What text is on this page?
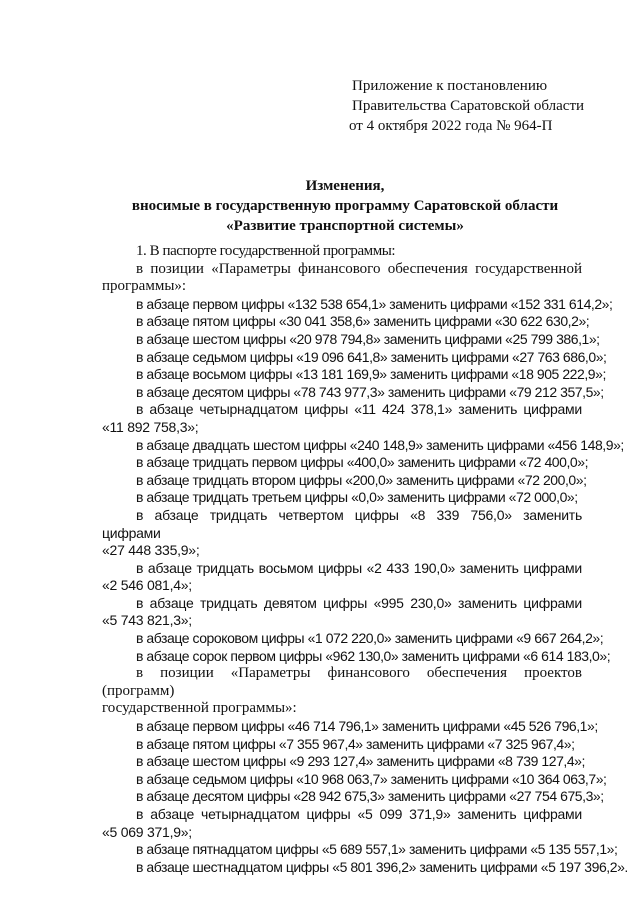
Приложение к постановлению
Правительства Саратовской области
от 4 октября 2022 года № 964-П
Изменения,
вносимые в государственную программу Саратовской области
«Развитие транспортной системы»
1. В паспорте государственной программы:
в позиции «Параметры финансового обеспечения государственной
программы»:
в абзаце первом цифры «132 538 654,1» заменить цифрами «152 331 614,2»;
в абзаце пятом цифры «30 041 358,6» заменить цифрами «30 622 630,2»;
в абзаце шестом цифры «20 978 794,8» заменить цифрами «25 799 386,1»;
в абзаце седьмом цифры «19 096 641,8» заменить цифрами «27 763 686,0»;
в абзаце восьмом цифры «13 181 169,9» заменить цифрами «18 905 222,9»;
в абзаце десятом цифры «78 743 977,3» заменить цифрами «79 212 357,5»;
в абзаце четырнадцатом цифры «11 424 378,1» заменить цифрами
«11 892 758,3»;
в абзаце двадцать шестом цифры «240 148,9» заменить цифрами «456 148,9»;
в абзаце тридцать первом цифры «400,0» заменить цифрами «72 400,0»;
в абзаце тридцать втором цифры «200,0» заменить цифрами «72 200,0»;
в абзаце тридцать третьем цифры «0,0» заменить цифрами «72 000,0»;
в абзаце тридцать четвертом цифры «8 339 756,0» заменить цифрами
«27 448 335,9»;
в абзаце тридцать восьмом цифры «2 433 190,0» заменить цифрами
«2 546 081,4»;
в абзаце тридцать девятом цифры «995 230,0» заменить цифрами
«5 743 821,3»;
в абзаце сороковом цифры «1 072 220,0» заменить цифрами «9 667 264,2»;
в абзаце сорок первом цифры «962 130,0» заменить цифрами «6 614 183,0»;
в позиции «Параметры финансового обеспечения проектов (программ)
государственной программы»:
в абзаце первом цифры «46 714 796,1» заменить цифрами «45 526 796,1»;
в абзаце пятом цифры «7 355 967,4» заменить цифрами «7 325 967,4»;
в абзаце шестом цифры «9 293 127,4» заменить цифрами «8 739 127,4»;
в абзаце седьмом цифры «10 968 063,7» заменить цифрами «10 364 063,7»;
в абзаце десятом цифры «28 942 675,3» заменить цифрами «27 754 675,3»;
в абзаце четырнадцатом цифры «5 099 371,9» заменить цифрами
«5 069 371,9»;
в абзаце пятнадцатом цифры «5 689 557,1» заменить цифрами «5 135 557,1»;
в абзаце шестнадцатом цифры «5 801 396,2» заменить цифрами «5 197 396,2».
